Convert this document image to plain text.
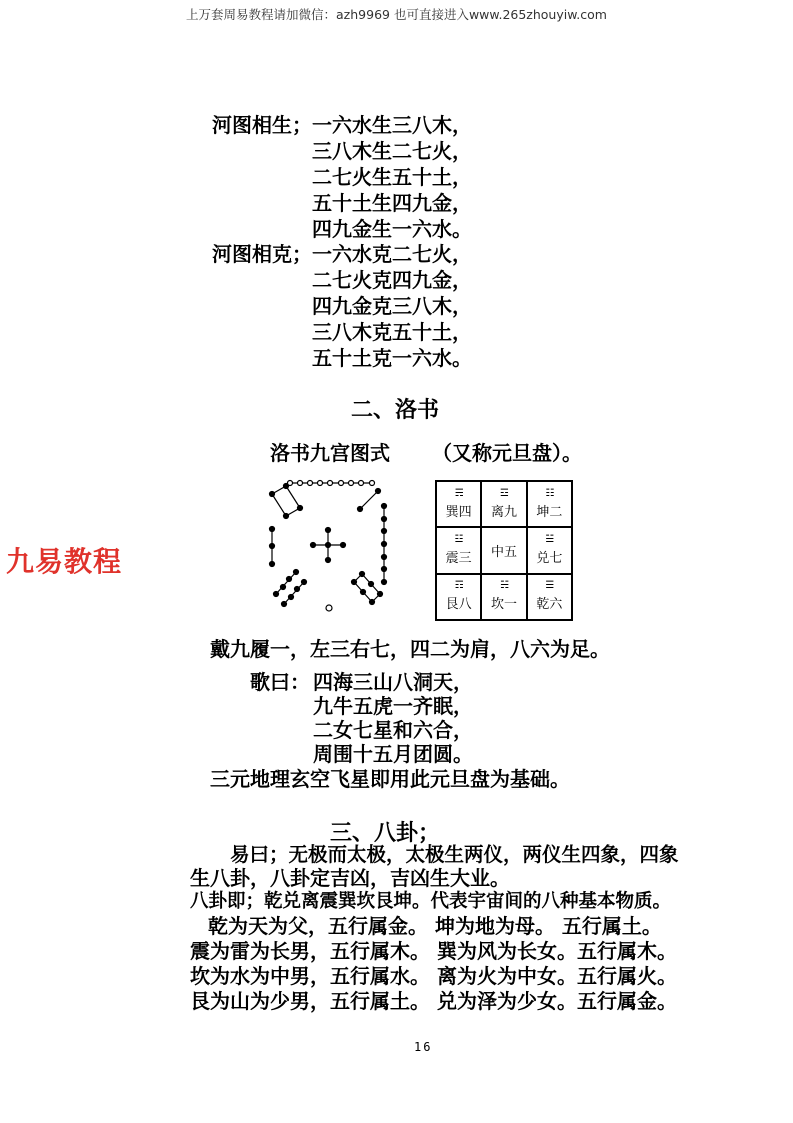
上万套周易教程请加微信：azh9969 也可直接进入www.265zhouyiw.com
河图相生； 一六水生三八木，
三八木生二七火，
二七火生五十土，
五十土生四九金，
四九金生一六水。
河图相克； 一六水克二七火，
二七火克四九金，
四九金克三八木，
三八木克五十土，
五十土克一六水。
二、洛书
洛书九宫图式 （又称元旦盘）。
☴
巽四
☲
离九
☷
坤二
☳
震三 中五
☱
兑七
☶
艮八
☵
坎一
☰
乾六
九易教程
戴九履一，左三右七，四二为肩，八六为足。
歌曰： 四海三山八洞天，
九牛五虎一齐眠，
二女七星和六合，
周围十五月团圆。
三元地理玄空飞星即用此元旦盘为基础。
三、八卦；
易曰；无极而太极，太极生两仪，两仪生四象，四象
生八卦，八卦定吉凶，吉凶生大业。
八卦即；乾兑离震巽坎艮坤。代表宇宙间的八种基本物质。
乾为天为父，五行属金。 坤为地为母。 五行属土。
震为雷为长男，五行属木。 巽为风为长女。五行属木。
坎为水为中男，五行属水。 离为火为中女。五行属火。
艮为山为少男，五行属土。 兑为泽为少女。五行属金。
16
